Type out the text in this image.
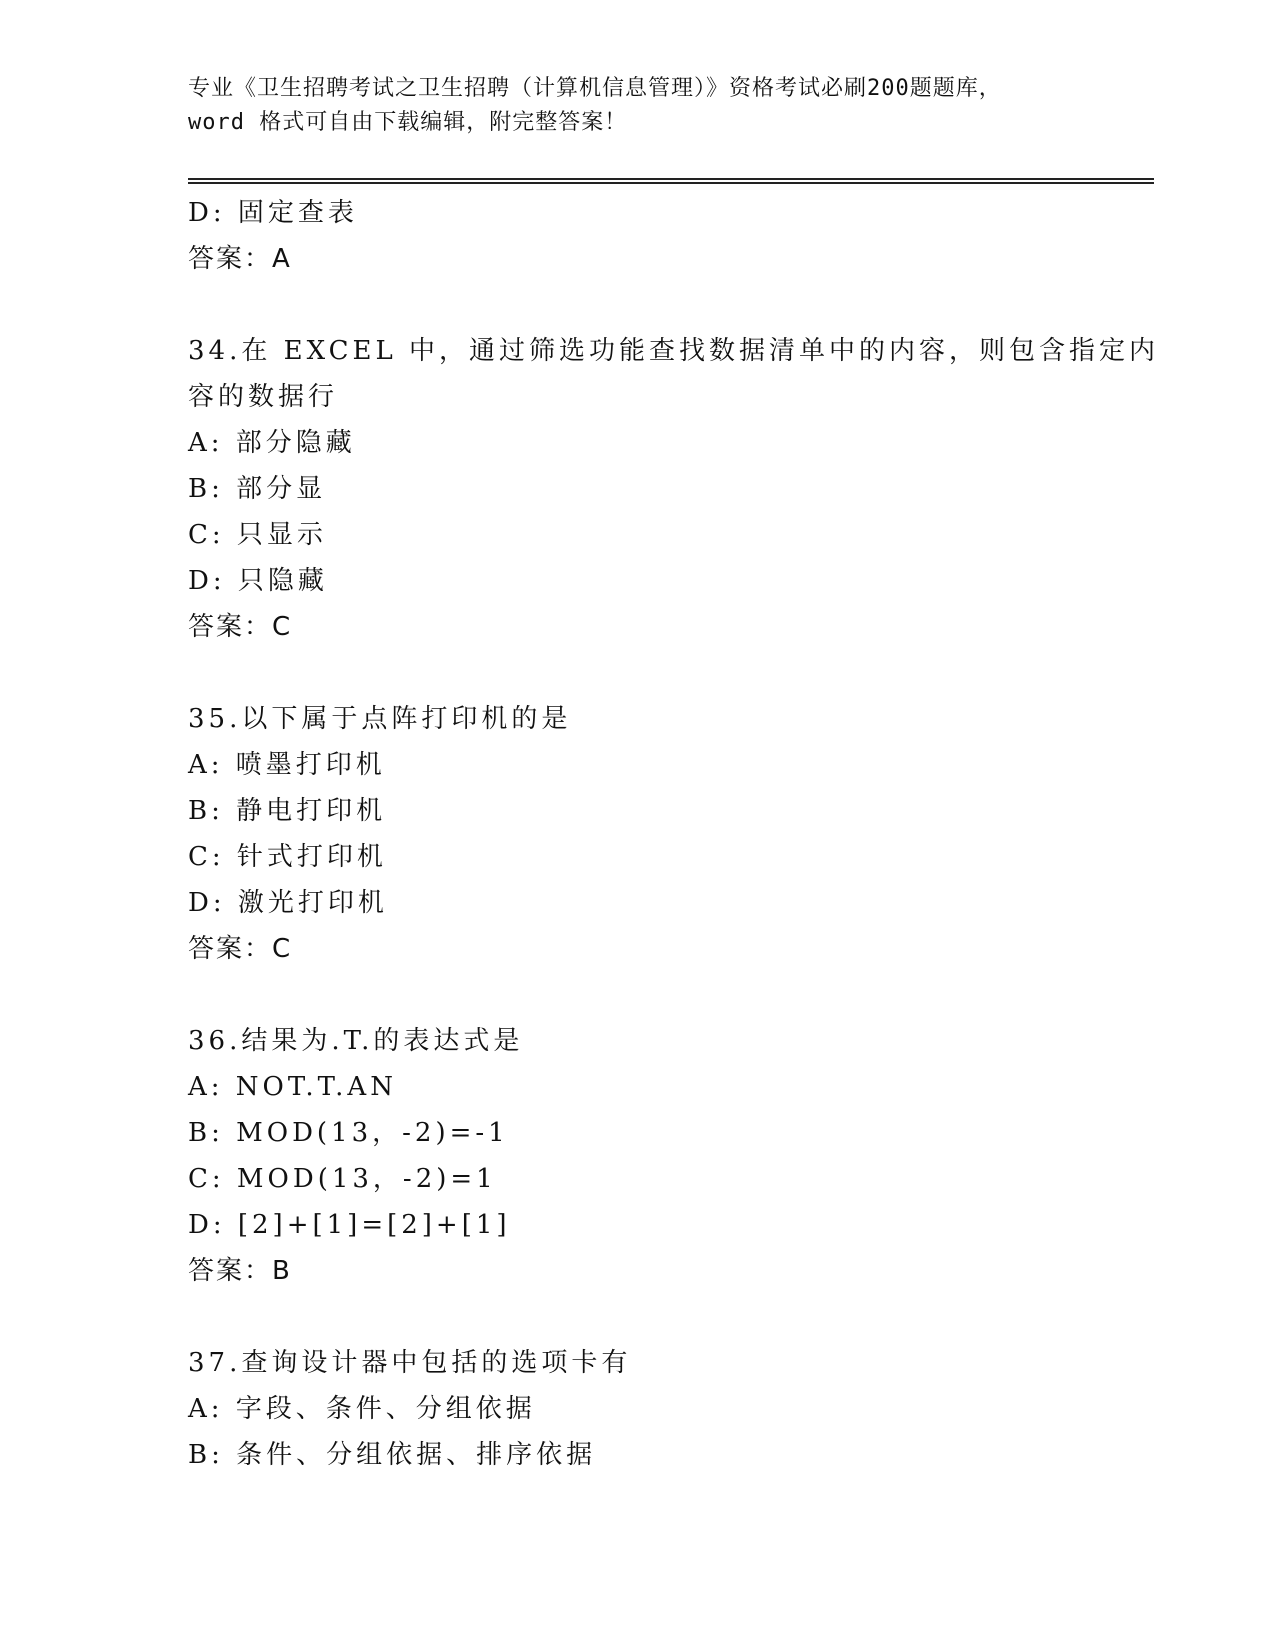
专业《卫生招聘考试之卫生招聘（计算机信息管理）》资格考试必刷200题题库，
word 格式可自由下载编辑，附完整答案！
D: 固定查表
答案：A
34.在 EXCEL 中，通过筛选功能查找数据清单中的内容，则包含指定内
容的数据行
A: 部分隐藏
B: 部分显
C: 只显示
D: 只隐藏
答案：C
35.以下属于点阵打印机的是
A: 喷墨打印机
B: 静电打印机
C: 针式打印机
D: 激光打印机
答案：C
36.结果为.T.的表达式是
A: NOT.T.AN
B: MOD(13，-2)=-1
C: MOD(13，-2)=1
D: [2]+[1]=[2]+[1]
答案：B
37.查询设计器中包括的选项卡有
A: 字段、条件、分组依据
B: 条件、分组依据、排序依据
